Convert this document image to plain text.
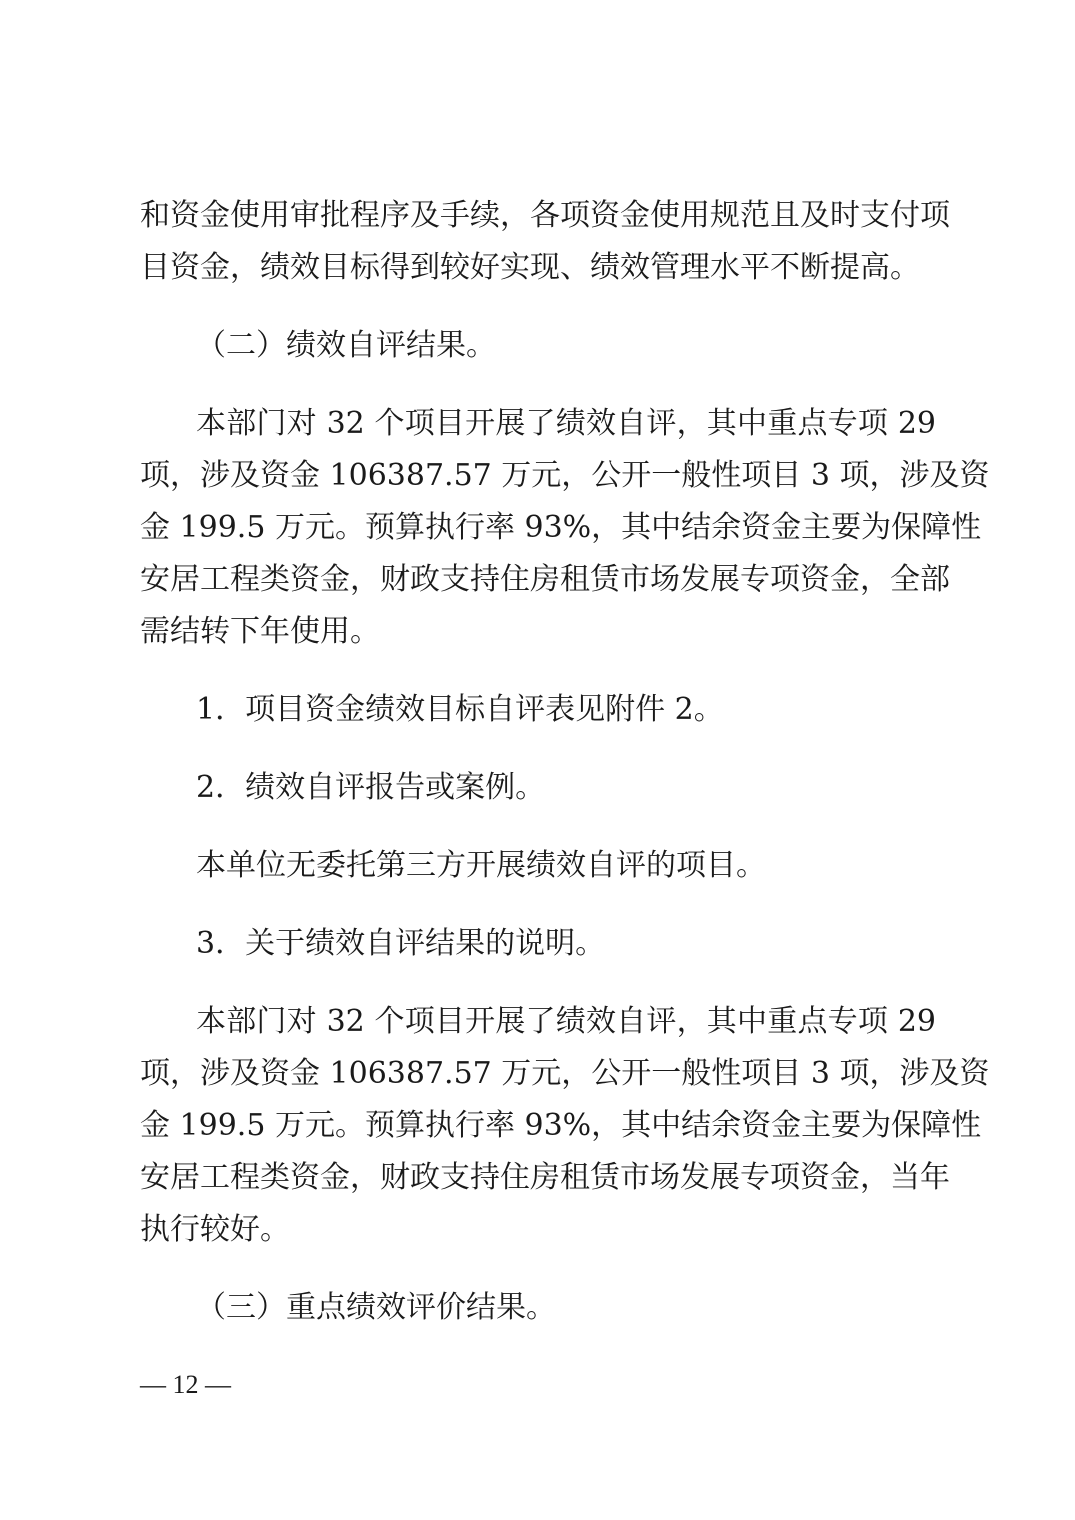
和资金使用审批程序及手续，各项资金使用规范且及时支付项
目资金，绩效目标得到较好实现、绩效管理水平不断提高。
（二）绩效自评结果。
本部门对 32 个项目开展了绩效自评，其中重点专项 29
项，涉及资金 106387.57 万元，公开一般性项目 3 项，涉及资
金 199.5 万元。预算执行率 93%，其中结余资金主要为保障性
安居工程类资金，财政支持住房租赁市场发展专项资金，全部
需结转下年使用。
1．项目资金绩效目标自评表见附件 2。
2．绩效自评报告或案例。
本单位无委托第三方开展绩效自评的项目。
3．关于绩效自评结果的说明。
本部门对 32 个项目开展了绩效自评，其中重点专项 29
项，涉及资金 106387.57 万元，公开一般性项目 3 项，涉及资
金 199.5 万元。预算执行率 93%，其中结余资金主要为保障性
安居工程类资金，财政支持住房租赁市场发展专项资金，当年
执行较好。
（三）重点绩效评价结果。
— 12 —
